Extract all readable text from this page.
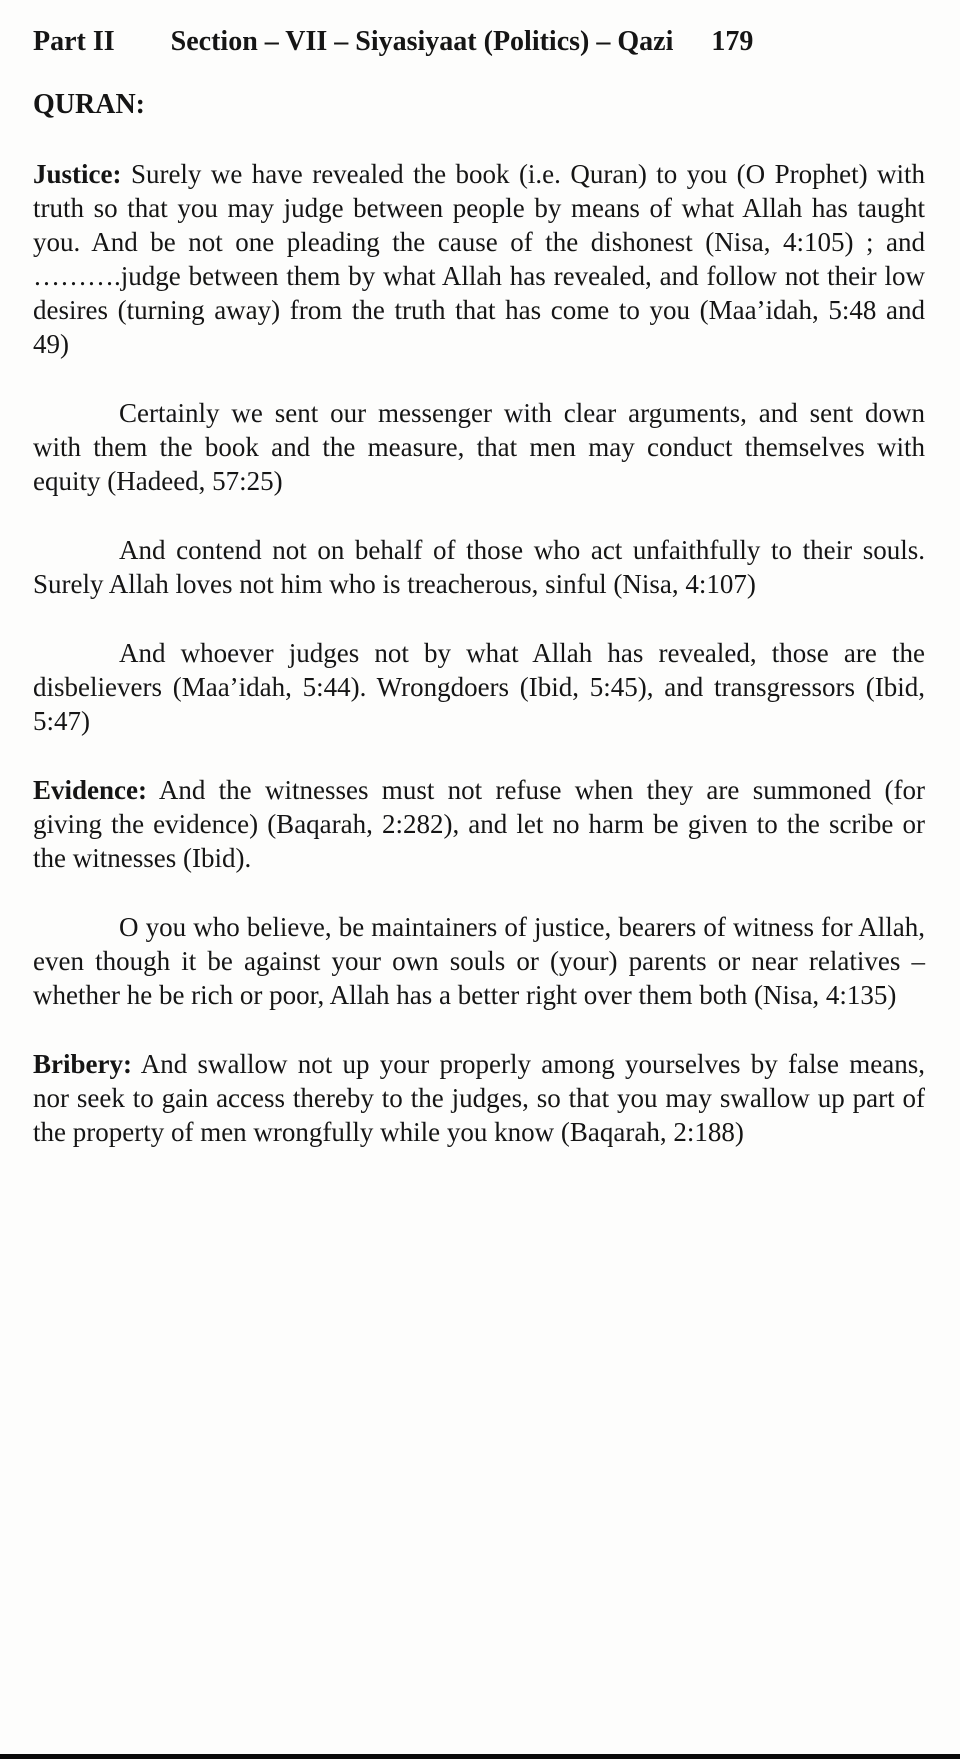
Part II Section – VII – Siyasiyaat (Politics) – Qazi 179
QURAN:

Justice: Surely we have revealed the book (i.e. Quran) to you (O Prophet) with truth so that you may judge between people by means of what Allah has taught you. And be not one pleading the cause of the dishonest (Nisa, 4:105) ; and ……….judge between them by what Allah has revealed, and follow not their low desires (turning away) from the truth that has come to you (Maa’idah, 5:48 and 49)

Certainly we sent our messenger with clear arguments, and sent down with them the book and the measure, that men may conduct themselves with equity (Hadeed, 57:25)

And contend not on behalf of those who act unfaithfully to their souls. Surely Allah loves not him who is treacherous, sinful (Nisa, 4:107)

And whoever judges not by what Allah has revealed, those are the disbelievers (Maa’idah, 5:44). Wrongdoers (Ibid, 5:45), and transgressors (Ibid, 5:47)

Evidence: And the witnesses must not refuse when they are summoned (for giving the evidence) (Baqarah, 2:282), and let no harm be given to the scribe or the witnesses (Ibid).

O you who believe, be maintainers of justice, bearers of witness for Allah, even though it be against your own souls or (your) parents or near relatives – whether he be rich or poor, Allah has a better right over them both (Nisa, 4:135)

Bribery: And swallow not up your properly among yourselves by false means, nor seek to gain access thereby to the judges, so that you may swallow up part of the property of men wrongfully while you know (Baqarah, 2:188)
